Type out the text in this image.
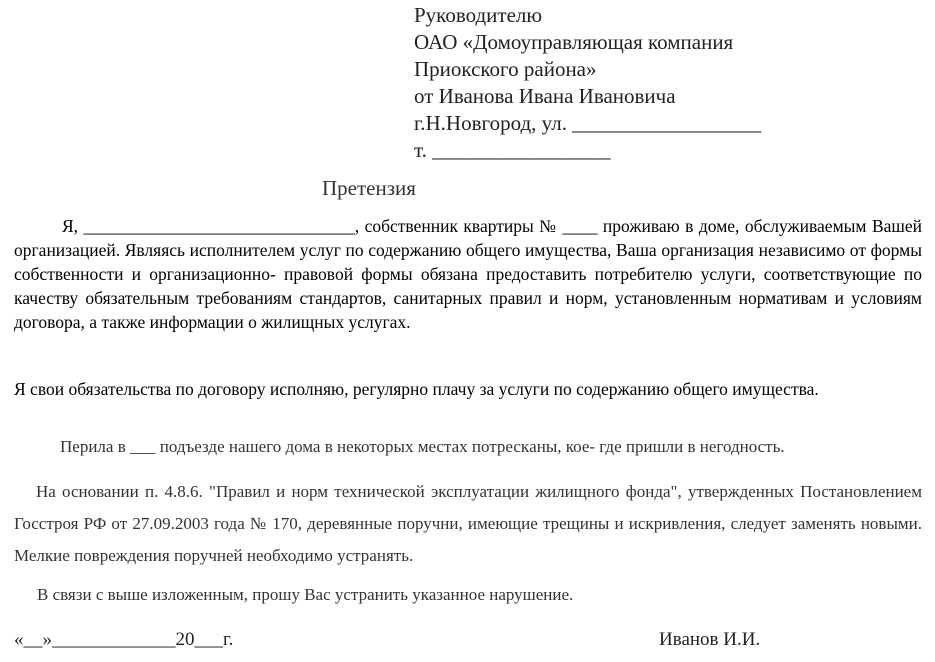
Руководителю
ОАО «Домоуправляющая компания
Приокского района»
от Иванова Ивана Ивановича
г.Н.Новгород, ул. __________________
т. _________________
Претензия
Я, _______________________________, собственник квартиры № ____ проживаю в доме, обслуживаемым Вашей организацией. Являясь исполнителем услуг по содержанию общего имущества, Ваша организация независимо от формы собственности и организационно- правовой формы обязана предоставить потребителю услуги, соответствующие по качеству обязательным требованиям стандартов, санитарных правил и норм, установленным нормативам и условиям договора, а также информации о жилищных услугах.
Я свои обязательства по договору исполняю, регулярно плачу за услуги по содержанию общего имущества.
Перила в ___ подъезде нашего дома в некоторых местах потрескaны, кое- где пришли в негодность.
На основании п. 4.8.6. "Правил и норм технической эксплуатации жилищного фонда", утвержденных Постановлением Госстроя РФ от 27.09.2003 года № 170, деревянные поручни, имеющие трещины и искривления, следует заменять новыми. Мелкие повреждения поручней необходимо устранять.
В связи с выше изложенным, прошу Вас устранить указанное нарушение.
«__»_____________20___г.	Иванов И.И.
